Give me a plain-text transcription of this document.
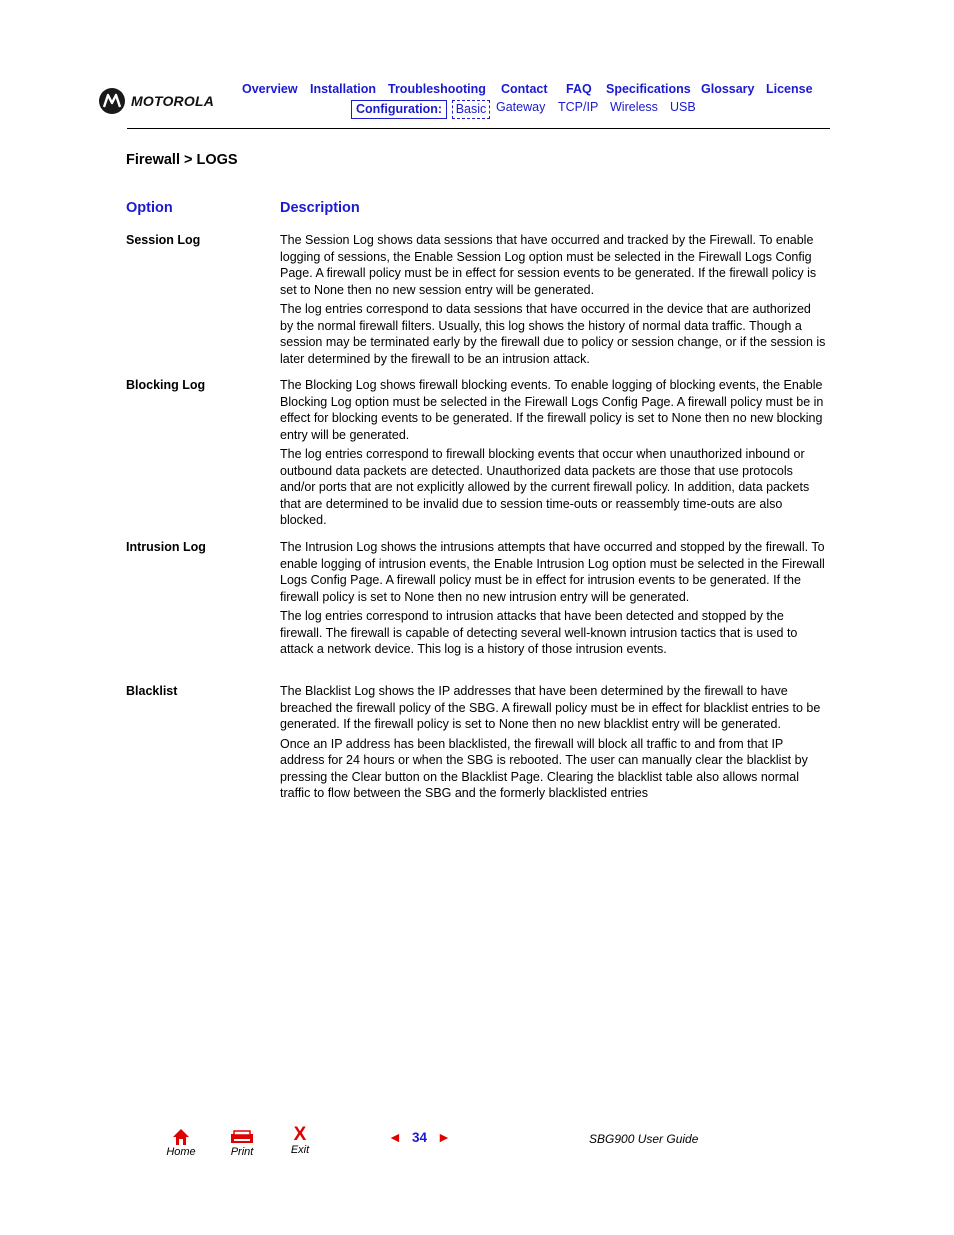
MOTOROLA
Overview Installation Troubleshooting Contact FAQ Specifications Glossary License
Configuration:	Basic Gateway TCP/IP Wireless USB
Firewall > LOGS
Option	Description
Session Log	The Session Log shows data sessions that have occurred and tracked by the Firewall. To enable logging of sessions, the Enable Session Log option must be selected in the Firewall Logs Config Page. A firewall policy must be in effect for session events to be generated. If the firewall policy is set to None then no new session entry will be generated.

The log entries correspond to data sessions that have occurred in the device that are authorized by the normal firewall filters. Usually, this log shows the history of normal data traffic. Though a session may be terminated early by the firewall due to policy or session change, or if the session is later determined by the firewall to be an intrusion attack.

Blocking Log	The Blocking Log shows firewall blocking events. To enable logging of blocking events, the Enable Blocking Log option must be selected in the Firewall Logs Config Page. A firewall policy must be in effect for blocking events to be generated. If the firewall policy is set to None then no new blocking entry will be generated.

The log entries correspond to firewall blocking events that occur when unauthorized inbound or outbound data packets are detected. Unauthorized data packets are those that use protocols and/or ports that are not explicitly allowed by the current firewall policy. In addition, data packets that are determined to be invalid due to session time-outs or reassembly time-outs are also blocked.

Intrusion Log	The Intrusion Log shows the intrusions attempts that have occurred and stopped by the firewall. To enable logging of intrusion events, the Enable Intrusion Log option must be selected in the Firewall Logs Config Page. A firewall policy must be in effect for intrusion events to be generated. If the firewall policy is set to None then no new intrusion entry will be generated.

The log entries correspond to intrusion attacks that have been detected and stopped by the firewall. The firewall is capable of detecting several well-known intrusion tactics that is used to attack a network device. This log is a history of those intrusion events.

Blacklist	The Blacklist Log shows the IP addresses that have been determined by the firewall to have breached the firewall policy of the SBG. A firewall policy must be in effect for blacklist entries to be generated. If the firewall policy is set to None then no new blacklist entry will be generated.

Once an IP address has been blacklisted, the firewall will block all traffic to and from that IP address for 24 hours or when the SBG is rebooted. The user can manually clear the blacklist by pressing the Clear button on the Blacklist Page. Clearing the blacklist table also allows normal traffic to flow between the SBG and the formerly blacklisted entries

Home	Print
X
Exit
◄ 34 ►	SBG900 User Guide
